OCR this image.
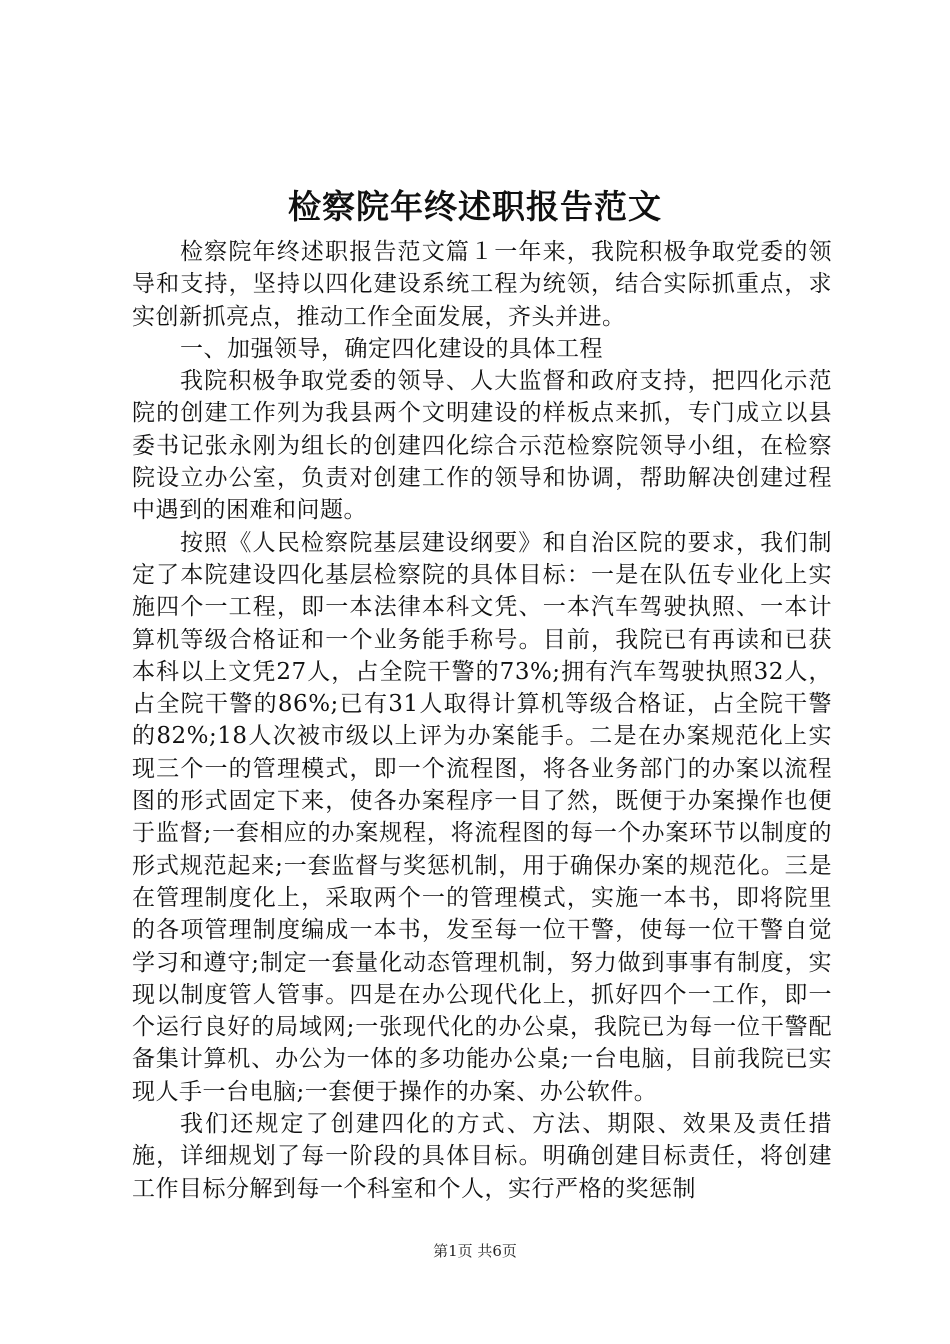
检察院年终述职报告范文

检察院年终述职报告范文篇１一年来，我院积极争取党委的领导和支持，坚持以四化建设系统工程为统领，结合实际抓重点，求实创新抓亮点，推动工作全面发展，齐头并进。

一、加强领导，确定四化建设的具体工程

我院积极争取党委的领导、人大监督和政府支持，把四化示范院的创建工作列为我县两个文明建设的样板点来抓，专门成立以县委书记张永刚为组长的创建四化综合示范检察院领导小组，在检察院设立办公室，负责对创建工作的领导和协调，帮助解决创建过程中遇到的困难和问题。

按照《人民检察院基层建设纲要》和自治区院的要求，我们制定了本院建设四化基层检察院的具体目标：一是在队伍专业化上实施四个一工程，即一本法律本科文凭、一本汽车驾驶执照、一本计算机等级合格证和一个业务能手称号。目前，我院已有再读和已获本科以上文凭27人，占全院干警的73%;拥有汽车驾驶执照32人，占全院干警的86%;已有31人取得计算机等级合格证，占全院干警的82%;18人次被市级以上评为办案能手。二是在办案规范化上实现三个一的管理模式，即一个流程图，将各业务部门的办案以流程图的形式固定下来，使各办案程序一目了然，既便于办案操作也便于监督;一套相应的办案规程，将流程图的每一个办案环节以制度的形式规范起来;一套监督与奖惩机制，用于确保办案的规范化。三是在管理制度化上，采取两个一的管理模式，实施一本书，即将院里的各项管理制度编成一本书，发至每一位干警，使每一位干警自觉学习和遵守;制定一套量化动态管理机制，努力做到事事有制度，实现以制度管人管事。四是在办公现代化上，抓好四个一工作，即一个运行良好的局域网;一张现代化的办公桌，我院已为每一位干警配备集计算机、办公为一体的多功能办公桌;一台电脑，目前我院已实现人手一台电脑;一套便于操作的办案、办公软件。

我们还规定了创建四化的方式、方法、期限、效果及责任措施，详细规划了每一阶段的具体目标。明确创建目标责任，将创建工作目标分解到每一个科室和个人，实行严格的奖惩制

第1页 共6页
